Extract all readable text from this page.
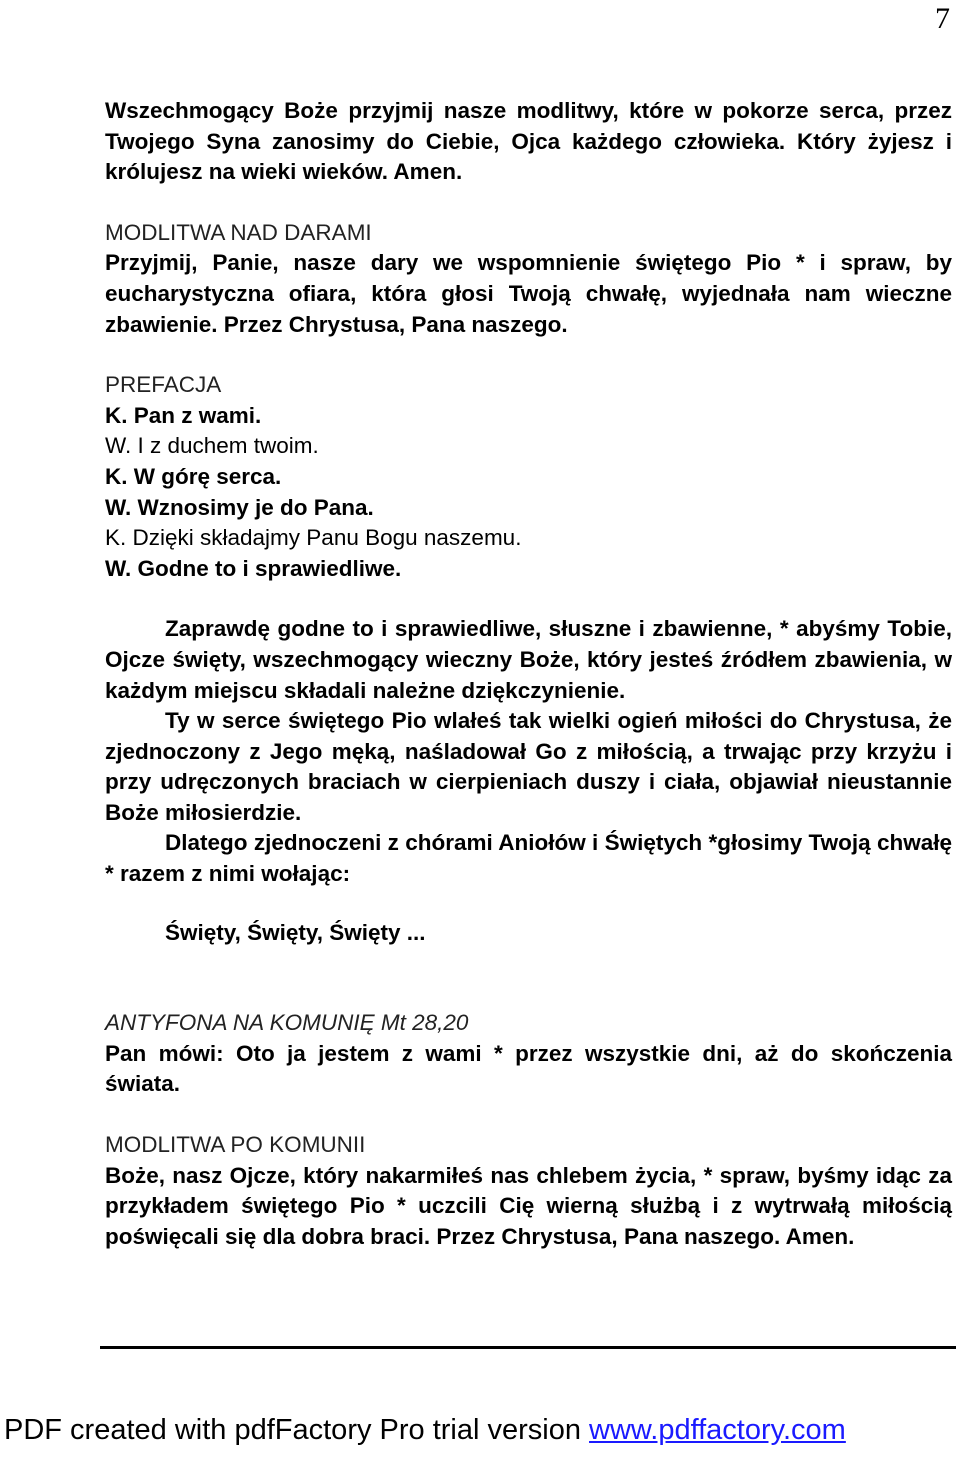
7

Wszechmogący Boże przyjmij nasze modlitwy, które w pokorze serca, przez Twojego Syna zanosimy do Ciebie, Ojca każdego człowieka. Który żyjesz i królujesz na wieki wieków. Amen.

MODLITWA NAD DARAMI

Przyjmij, Panie, nasze dary we wspomnienie świętego Pio * i spraw, by eucharystyczna ofiara, która głosi Twoją chwałę, wyjednała nam wieczne zbawienie. Przez Chrystusa, Pana naszego.

PREFACJA

K. Pan z wami.
W. I z duchem twoim.
K. W górę serca.
W. Wznosimy je do Pana.
K. Dzięki składajmy Panu Bogu naszemu.
W. Godne to i sprawiedliwe.

Zaprawdę godne to i sprawiedliwe, słuszne i zbawienne, * abyśmy Tobie, Ojcze święty, wszechmogący wieczny Boże, który jesteś źródłem zbawienia, w każdym miejscu składali należne dziękczynienie.

Ty w serce świętego Pio wlałeś tak wielki ogień miłości do Chrystusa, że zjednoczony z Jego męką, naśladował Go z miłością, a trwając przy krzyżu i przy udręczonych braciach w cierpieniach duszy i ciała, objawiał nieustannie Boże miłosierdzie.

Dlatego zjednoczeni z chórami Aniołów i Świętych *głosimy Twoją chwałę * razem z nimi wołając:

Święty, Święty, Święty ...

ANTYFONA NA KOMUNIĘ Mt 28,20

Pan mówi: Oto ja jestem z wami * przez wszystkie dni, aż do skończenia świata.

MODLITWA PO KOMUNII

Boże, nasz Ojcze, który nakarmiłeś nas chlebem życia, * spraw, byśmy idąc za przykładem świętego Pio * uczcili Cię wierną służbą i z wytrwałą miłością poświęcali się dla dobra braci. Przez Chrystusa, Pana naszego. Amen.

PDF created with pdfFactory Pro trial version www.pdffactory.com
